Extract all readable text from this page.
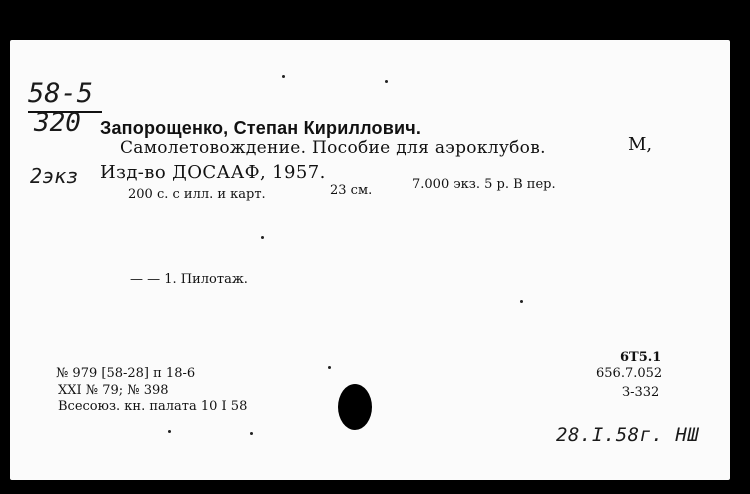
58-5
320
2экз
Запорощенко, Степан Кириллович.
Самолетовождение. Пособие для аэроклубов.	М,
Изд-во ДОСААФ, 1957.
200 с. с илл. и карт.	23 см.	7.000 экз. 5 р. В пер.
— — 1. Пилотаж.
№ 979 [58-28] п 18-6
XXI № 79; № 398
Всесоюз. кн. палата 10 I 58
6Т5.1
656.7.052
З-332
28.I.58г. НШ
